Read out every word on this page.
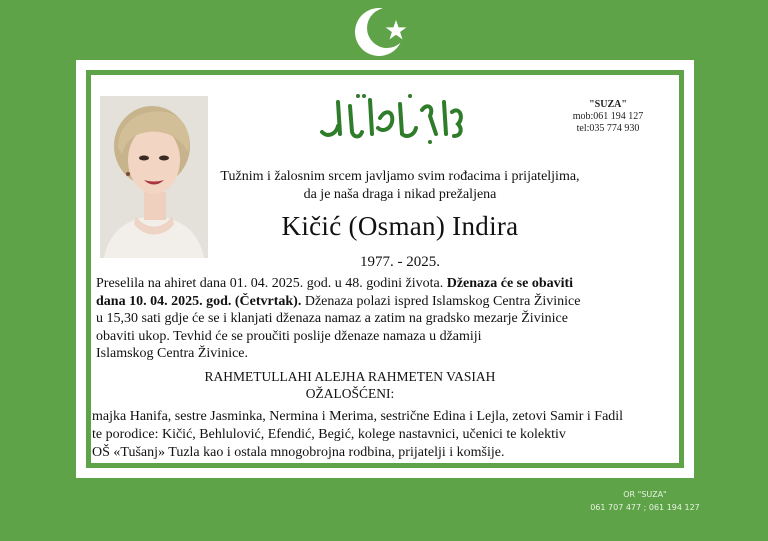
"SUZA"
mob:061 194 127
tel:035 774 930
Tužnim i žalosnim srcem javljamo svim rođacima i prijateljima,
da je naša draga i nikad prežaljena
Kičić (Osman) Indira
1977. - 2025.
Preselila na ahiret dana 01. 04. 2025. god. u 48. godini života. Dženaza će se obaviti
dana 10. 04. 2025. god. (Četvrtak). Dženaza polazi ispred Islamskog Centra Živinice
u 15,30 sati gdje će se i klanjati dženaza namaz a zatim na gradsko mezarje Živinice
obaviti ukop. Tevhid će se proučiti poslije dženaze namaza u džamiji
Islamskog Centra Živinice.
RAHMETULLAHI ALEJHA RAHMETEN VASIAH
OŽALOŠĆENI:
majka Hanifa, sestre Jasminka, Nermina i Merima, sestrične Edina i Lejla, zetovi Samir i Fadil
te porodice: Kičić, Behlulović, Efendić, Begić, kolege nastavnici, učenici te kolektiv
OŠ «Tušanj» Tuzla kao i ostala mnogobrojna rodbina, prijatelji i komšije.
OR "SUZA"
061 707 477 ; 061 194 127
